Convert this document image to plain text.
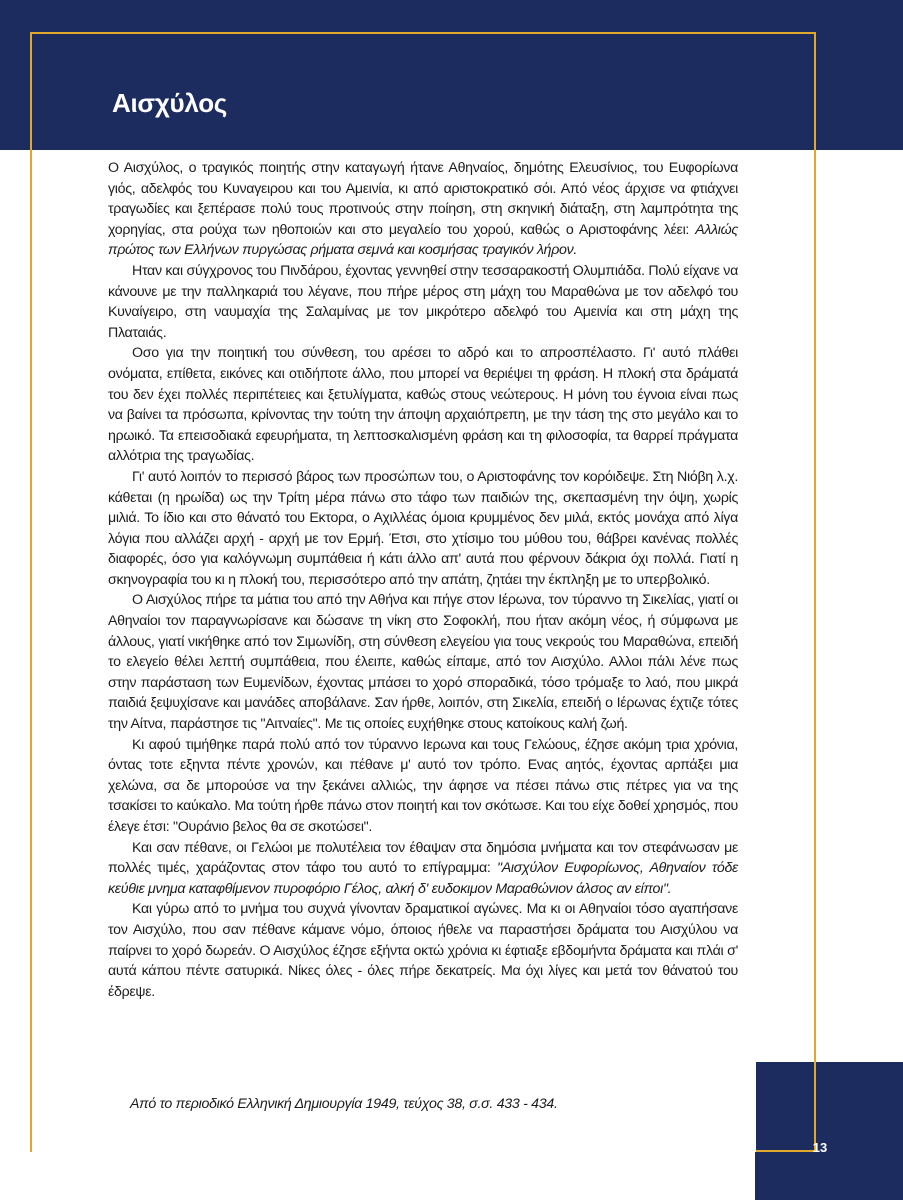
Αισχύλος

Ο Αισχύλος, ο τραγικός ποιητής στην καταγωγή ήτανε Αθηναίος, δημότης Ελευσίνιος, του Ευφορίωνα γιός, αδελφός του Κυναγειρου και του Αμεινία, κι από αριστοκρατικό σόι. Από νέος άρχισε να φτιάχνει τραγωδίες και ξεπέρασε πολύ τους προτινούς στην ποίηση, στη σκηνική διάταξη, στη λαμπρότητα της χορηγίας, στα ρούχα των ηθοποιών και στο μεγαλείο του χορού, καθώς ο Αριστοφάνης λέει: Αλλιώς πρώτος των Ελλήνων πυργώσας ρήματα σεμνά και κοσμήσας τραγικόν λήρον.

Ηταν και σύγχρονος του Πινδάρου, έχοντας γεννηθεί στην τεσσαρακοστή Ολυμπιάδα. Πολύ είχανε να κάνουνε με την παλληκαριά του λέγανε, που πήρε μέρος στη μάχη του Μαραθώνα με τον αδελφό του Κυναίγειρο, στη ναυμαχία της Σαλαμίνας με τον μικρότερο αδελφό του Αμεινία και στη μάχη της Πλαταιάς.

Οσο για την ποιητική του σύνθεση, του αρέσει το αδρό και το απροσπέλαστο. Γι' αυτό πλάθει ονόματα, επίθετα, εικόνες και οτιδήποτε άλλο, που μπορεί να θεριέψει τη φράση. Η πλοκή στα δράματά του δεν έχει πολλές περιπέτειες και ξετυλίγματα, καθώς στους νεώτερους. Η μόνη του έγνοια είναι πως να βαίνει τα πρόσωπα, κρίνοντας την τούτη την άποψη αρχαιόπρεπη, με την τάση της στο μεγάλο και το ηρωικό. Τα επεισοδιακά εφευρήματα, τη λεπτοσκαλισμένη φράση και τη φιλοσοφία, τα θαρρεί πράγματα αλλότρια της τραγωδίας.

Γι' αυτό λοιπόν το περισσό βάρος των προσώπων του, ο Αριστοφάνης τον κορόιδεψε. Στη Νιόβη λ.χ. κάθεται (η ηρωίδα) ως την Τρίτη μέρα πάνω στο τάφο των παιδιών της, σκεπασμένη την όψη, χωρίς μιλιά. Το ίδιο και στο θάνατό του Εκτορα, ο Αχιλλέας όμοια κρυμμένος δεν μιλά, εκτός μονάχα από λίγα λόγια που αλλάζει αρχή - αρχή με τον Ερμή. Έτσι, στο χτίσιμο του μύθου του, θάβρει κανένας πολλές διαφορές, όσο για καλόγνωμη συμπάθεια ή κάτι άλλο απ' αυτά που φέρνουν δάκρια όχι πολλά. Γιατί η σκηνογραφία του κι η πλοκή του, περισσότερο από την απάτη, ζητάει την έκπληξη με το υπερβολικό.

Ο Αισχύλος πήρε τα μάτια του από την Αθήνα και πήγε στον Ιέρωνα, τον τύραννο τη Σικελίας, γιατί οι Αθηναίοι τον παραγνωρίσανε και δώσανε τη νίκη στο Σοφοκλή, που ήταν ακόμη νέος, ή σύμφωνα με άλλους, γιατί νικήθηκε από τον Σιμωνίδη, στη σύνθεση ελεγείου για τους νεκρούς του Μαραθώνα, επειδή το ελεγείο θέλει λεπτή συμπάθεια, που έλειπε, καθώς είπαμε, από τον Αισχύλο. Αλλοι πάλι λένε πως στην παράσταση των Ευμενίδων, έχοντας μπάσει το χορό σποραδικά, τόσο τρόμαξε το λαό, που μικρά παιδιά ξεψυχίσανε και μανάδες αποβάλανε. Σαν ήρθε, λοιπόν, στη Σικελία, επειδή ο Ιέρωνας έχτιζε τότες την Αίτνα, παράστησε τις "Αιτναίες". Με τις οποίες ευχήθηκε στους κατοίκους καλή ζωή.

Κι αφού τιμήθηκε παρά πολύ από τον τύραννο Ιερωνα και τους Γελώους, έζησε ακόμη τρια χρόνια, όντας τοτε εξηντα πέντε χρονών, και πέθανε μ' αυτό τον τρόπο. Ενας αητός, έχοντας αρπάξει μια χελώνα, σα δε μπορούσε να την ξεκάνει αλλιώς, την άφησε να πέσει πάνω στις πέτρες για να της τσακίσει το καύκαλο. Μα τούτη ήρθε πάνω στον ποιητή και τον σκότωσε. Και του είχε δοθεί χρησμός, που έλεγε έτσι: "Ουράνιο βελος θα σε σκοτώσει".

Και σαν πέθανε, οι Γελώοι με πολυτέλεια τον έθαψαν στα δημόσια μνήματα και τον στεφάνωσαν με πολλές τιμές, χαράζοντας στον τάφο του αυτό το επίγραμμα: "Αισχύλον Ευφορίωνος, Αθηναίον τόδε κεύθιε μνημα καταφθίμενον πυροφόριο Γέλος, αλκή δ' ευδοκιμον Μαραθώνιον άλσος αν είποι".

Και γύρω από το μνήμα του συχνά γίνονταν δραματικοί αγώνες. Μα κι οι Αθηναίοι τόσο αγαπήσανε τον Αισχύλο, που σαν πέθανε κάμανε νόμο, όποιος ήθελε να παραστήσει δράματα του Αισχύλου να παίρνει το χορό δωρεάν. Ο Αισχύλος έζησε εξήντα οκτώ χρόνια κι έφτιαξε εβδομήντα δράματα και πλάι σ' αυτά κάπου πέντε σατυρικά. Νίκες όλες - όλες πήρε δεκατρείς. Μα όχι λίγες και μετά τον θάνατού του έδρεψε.

Από το περιοδικό Ελληνική Δημιουργία 1949, τεύχος 38, σ.σ. 433 - 434.
13
